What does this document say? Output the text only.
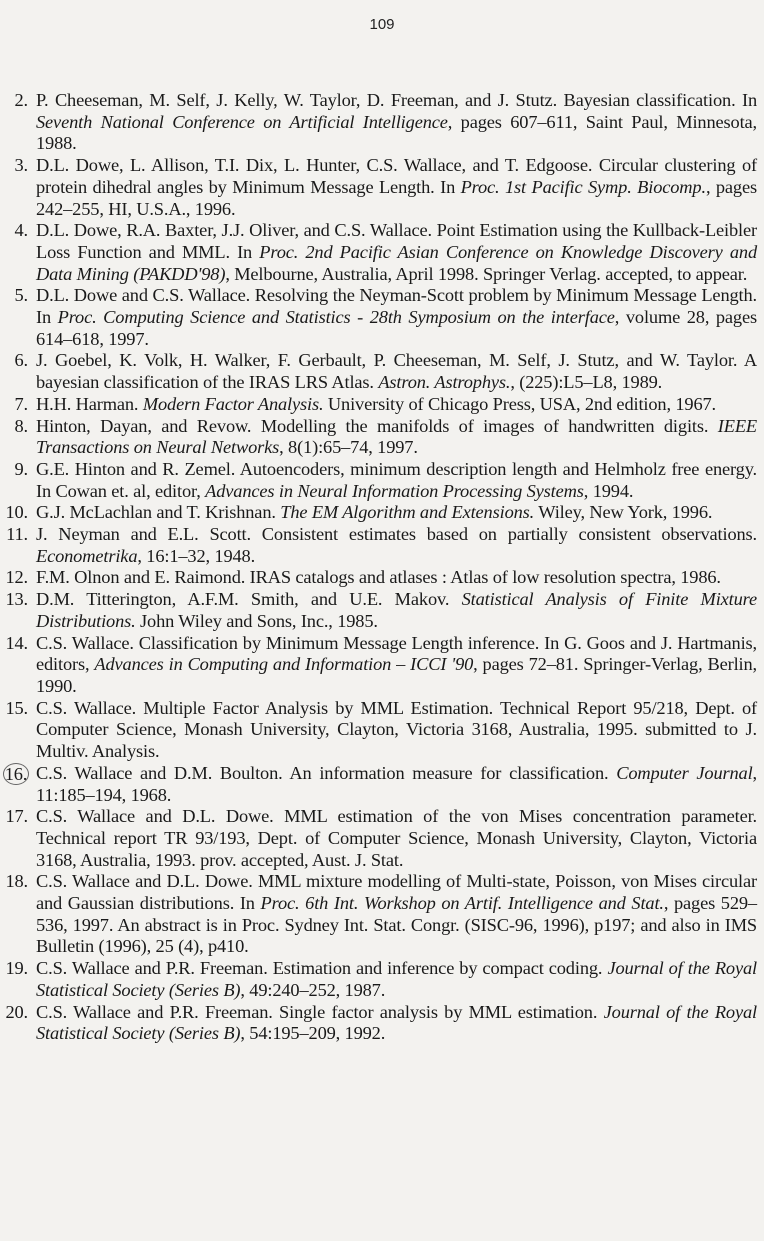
109
2. P. Cheeseman, M. Self, J. Kelly, W. Taylor, D. Freeman, and J. Stutz. Bayesian classification. In Seventh National Conference on Artificial Intelligence, pages 607–611, Saint Paul, Minnesota, 1988.
3. D.L. Dowe, L. Allison, T.I. Dix, L. Hunter, C.S. Wallace, and T. Edgoose. Circular clustering of protein dihedral angles by Minimum Message Length. In Proc. 1st Pacific Symp. Biocomp., pages 242–255, HI, U.S.A., 1996.
4. D.L. Dowe, R.A. Baxter, J.J. Oliver, and C.S. Wallace. Point Estimation using the Kullback-Leibler Loss Function and MML. In Proc. 2nd Pacific Asian Conference on Knowledge Discovery and Data Mining (PAKDD'98), Melbourne, Australia, April 1998. Springer Verlag. accepted, to appear.
5. D.L. Dowe and C.S. Wallace. Resolving the Neyman-Scott problem by Minimum Message Length. In Proc. Computing Science and Statistics - 28th Symposium on the interface, volume 28, pages 614–618, 1997.
6. J. Goebel, K. Volk, H. Walker, F. Gerbault, P. Cheeseman, M. Self, J. Stutz, and W. Taylor. A bayesian classification of the IRAS LRS Atlas. Astron. Astrophys., (225):L5–L8, 1989.
7. H.H. Harman. Modern Factor Analysis. University of Chicago Press, USA, 2nd edition, 1967.
8. Hinton, Dayan, and Revow. Modelling the manifolds of images of handwritten digits. IEEE Transactions on Neural Networks, 8(1):65–74, 1997.
9. G.E. Hinton and R. Zemel. Autoencoders, minimum description length and Helmholz free energy. In Cowan et. al, editor, Advances in Neural Information Processing Systems, 1994.
10. G.J. McLachlan and T. Krishnan. The EM Algorithm and Extensions. Wiley, New York, 1996.
11. J. Neyman and E.L. Scott. Consistent estimates based on partially consistent observations. Econometrika, 16:1–32, 1948.
12. F.M. Olnon and E. Raimond. IRAS catalogs and atlases : Atlas of low resolution spectra, 1986.
13. D.M. Titterington, A.F.M. Smith, and U.E. Makov. Statistical Analysis of Finite Mixture Distributions. John Wiley and Sons, Inc., 1985.
14. C.S. Wallace. Classification by Minimum Message Length inference. In G. Goos and J. Hartmanis, editors, Advances in Computing and Information – ICCI '90, pages 72–81. Springer-Verlag, Berlin, 1990.
15. C.S. Wallace. Multiple Factor Analysis by MML Estimation. Technical Report 95/218, Dept. of Computer Science, Monash University, Clayton, Victoria 3168, Australia, 1995. submitted to J. Multiv. Analysis.
16. C.S. Wallace and D.M. Boulton. An information measure for classification. Computer Journal, 11:185–194, 1968.
17. C.S. Wallace and D.L. Dowe. MML estimation of the von Mises concentration parameter. Technical report TR 93/193, Dept. of Computer Science, Monash University, Clayton, Victoria 3168, Australia, 1993. prov. accepted, Aust. J. Stat.
18. C.S. Wallace and D.L. Dowe. MML mixture modelling of Multi-state, Poisson, von Mises circular and Gaussian distributions. In Proc. 6th Int. Workshop on Artif. Intelligence and Stat., pages 529–536, 1997. An abstract is in Proc. Sydney Int. Stat. Congr. (SISC-96, 1996), p197; and also in IMS Bulletin (1996), 25 (4), p410.
19. C.S. Wallace and P.R. Freeman. Estimation and inference by compact coding. Journal of the Royal Statistical Society (Series B), 49:240–252, 1987.
20. C.S. Wallace and P.R. Freeman. Single factor analysis by MML estimation. Journal of the Royal Statistical Society (Series B), 54:195–209, 1992.
